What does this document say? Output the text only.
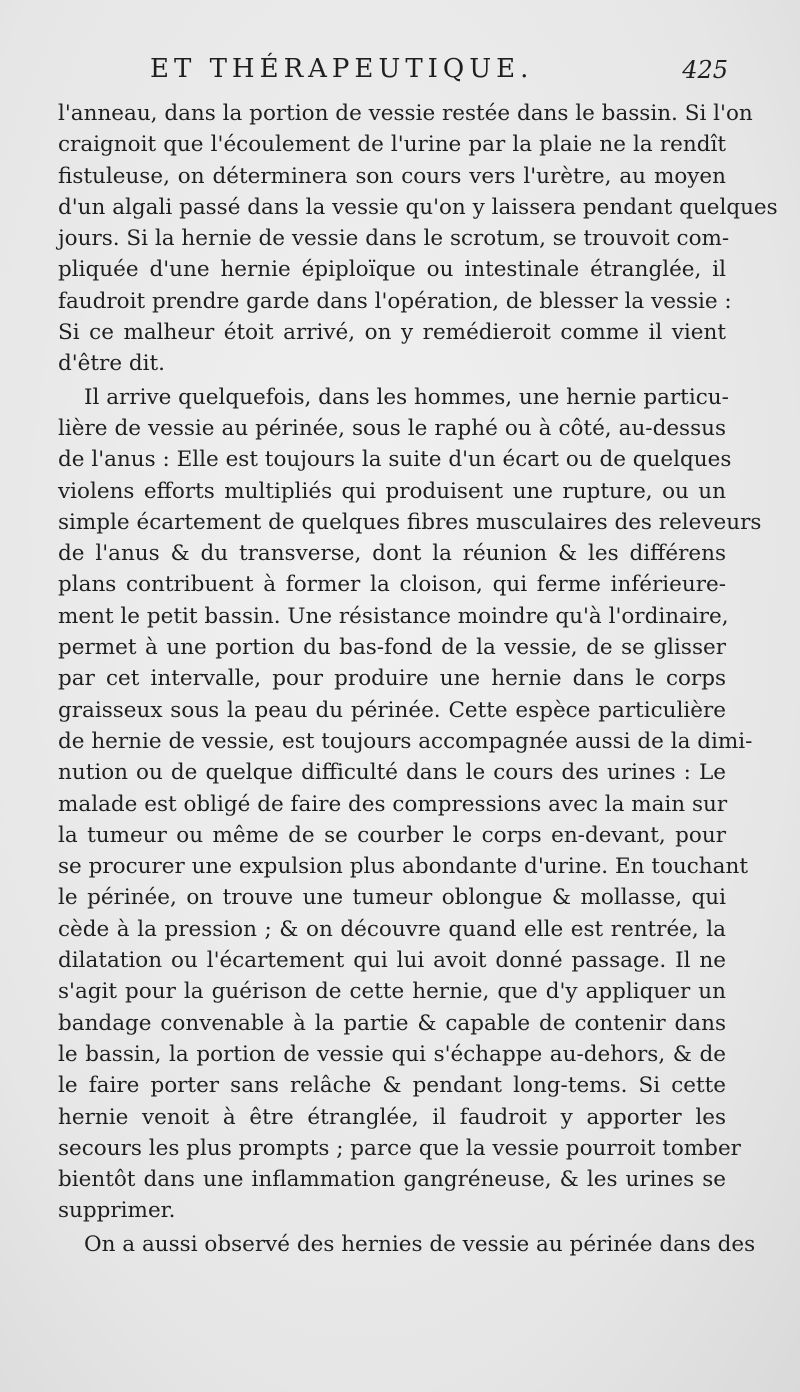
ET THÉRAPEUTIQUE.	425
l'anneau, dans la portion de vessie restée dans le bassin. Si l'on
craignoit que l'écoulement de l'urine par la plaie ne la rendît
fistuleuse, on déterminera son cours vers l'urètre, au moyen
d'un algali passé dans la vessie qu'on y laissera pendant quelques
jours. Si la hernie de vessie dans le scrotum, se trouvoit com-
pliquée d'une hernie épiploïque ou intestinale étranglée, il
faudroit prendre garde dans l'opération, de blesser la vessie :
Si ce malheur étoit arrivé, on y remédieroit comme il vient
d'être dit.
Il arrive quelquefois, dans les hommes, une hernie particu-
lière de vessie au périnée, sous le raphé ou à côté, au-dessus
de l'anus : Elle est toujours la suite d'un écart ou de quelques
violens efforts multipliés qui produisent une rupture, ou un
simple écartement de quelques fibres musculaires des releveurs
de l'anus & du transverse, dont la réunion & les différens
plans contribuent à former la cloison, qui ferme inférieure-
ment le petit bassin. Une résistance moindre qu'à l'ordinaire,
permet à une portion du bas-fond de la vessie, de se glisser
par cet intervalle, pour produire une hernie dans le corps
graisseux sous la peau du périnée. Cette espèce particulière
de hernie de vessie, est toujours accompagnée aussi de la dimi-
nution ou de quelque difficulté dans le cours des urines : Le
malade est obligé de faire des compressions avec la main sur
la tumeur ou même de se courber le corps en-devant, pour
se procurer une expulsion plus abondante d'urine. En touchant
le périnée, on trouve une tumeur oblongue & mollasse, qui
cède à la pression ; & on découvre quand elle est rentrée, la
dilatation ou l'écartement qui lui avoit donné passage. Il ne
s'agit pour la guérison de cette hernie, que d'y appliquer un
bandage convenable à la partie & capable de contenir dans
le bassin, la portion de vessie qui s'échappe au-dehors, & de
le faire porter sans relâche & pendant long-tems. Si cette
hernie venoit à être étranglée, il faudroit y apporter les
secours les plus prompts ; parce que la vessie pourroit tomber
bientôt dans une inflammation gangréneuse, & les urines se
supprimer.
On a aussi observé des hernies de vessie au périnée dans des
